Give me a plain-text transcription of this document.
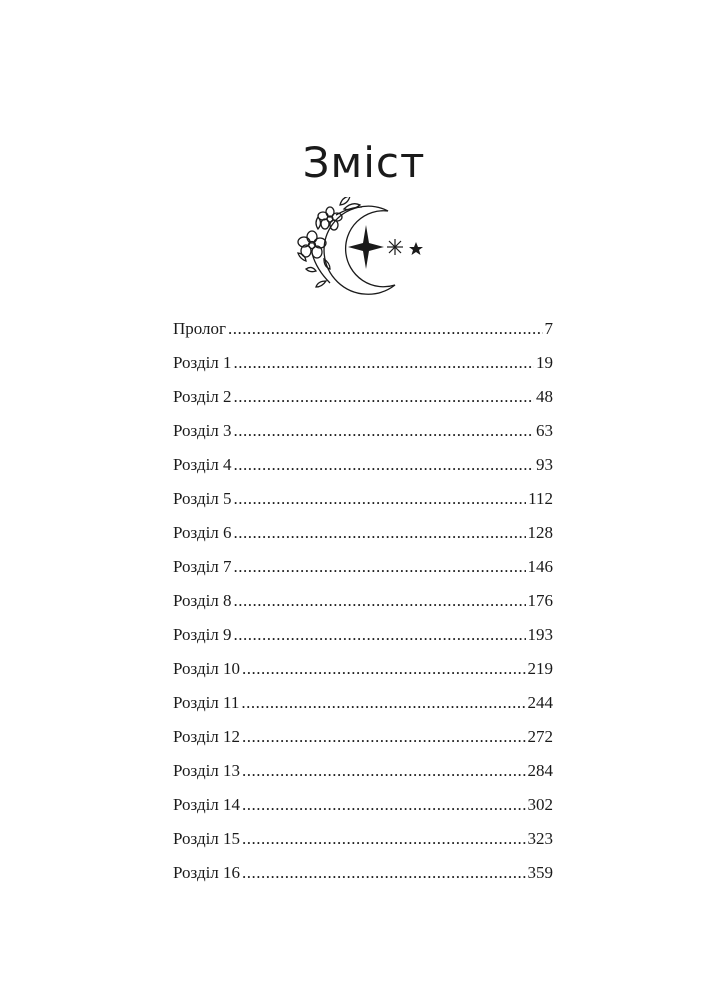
Зміст
Пролог .....	7
Розділ 1 .....	19
Розділ 2 .....	48
Розділ 3 .....	63
Розділ 4 .....	93
Розділ 5 .....	112
Розділ 6 .....	128
Розділ 7 .....	146
Розділ 8 .....	176
Розділ 9 .....	193
Розділ 10 .....	219
Розділ 11 .....	244
Розділ 12 .....	272
Розділ 13 .....	284
Розділ 14 .....	302
Розділ 15 .....	323
Розділ 16 .....	359
